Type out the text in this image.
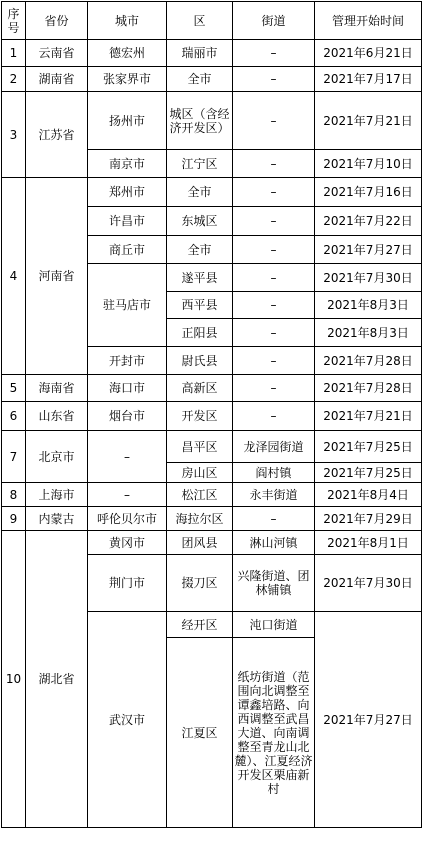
序号	省份	城市	区	街道	管理开始时间
1	云南省	德宏州	瑞丽市	–	2021年6月21日
2	湖南省	张家界市	全市	–	2021年7月17日
3	江苏省	扬州市	城区（含经济开发区）	–	2021年7月21日
		南京市	江宁区	–	2021年7月10日
4	河南省	郑州市	全市	–	2021年7月16日
		许昌市	东城区	–	2021年7月22日
		商丘市	全市	–	2021年7月27日
		驻马店市	遂平县	–	2021年7月30日
			西平县	–	2021年8月3日
			正阳县	–	2021年8月3日
		开封市	尉氏县	–	2021年7月28日
5	海南省	海口市	高新区	–	2021年7月28日
6	山东省	烟台市	开发区	–	2021年7月21日
7	北京市	–	昌平区	龙泽园街道	2021年7月25日
			房山区	阎村镇	2021年7月25日
8	上海市	–	松江区	永丰街道	2021年8月4日
9	内蒙古	呼伦贝尔市	海拉尔区	–	2021年7月29日
10	湖北省	黄冈市	团风县	淋山河镇	2021年8月1日
		荆门市	掇刀区	兴隆街道、团林铺镇	2021年7月30日
		武汉市	经开区	沌口街道	2021年7月27日
			江夏区	纸坊街道（范围向北调整至谭鑫培路、向西调整至武昌大道、向南调整至青龙山北麓）、江夏经济开发区栗庙新村	
